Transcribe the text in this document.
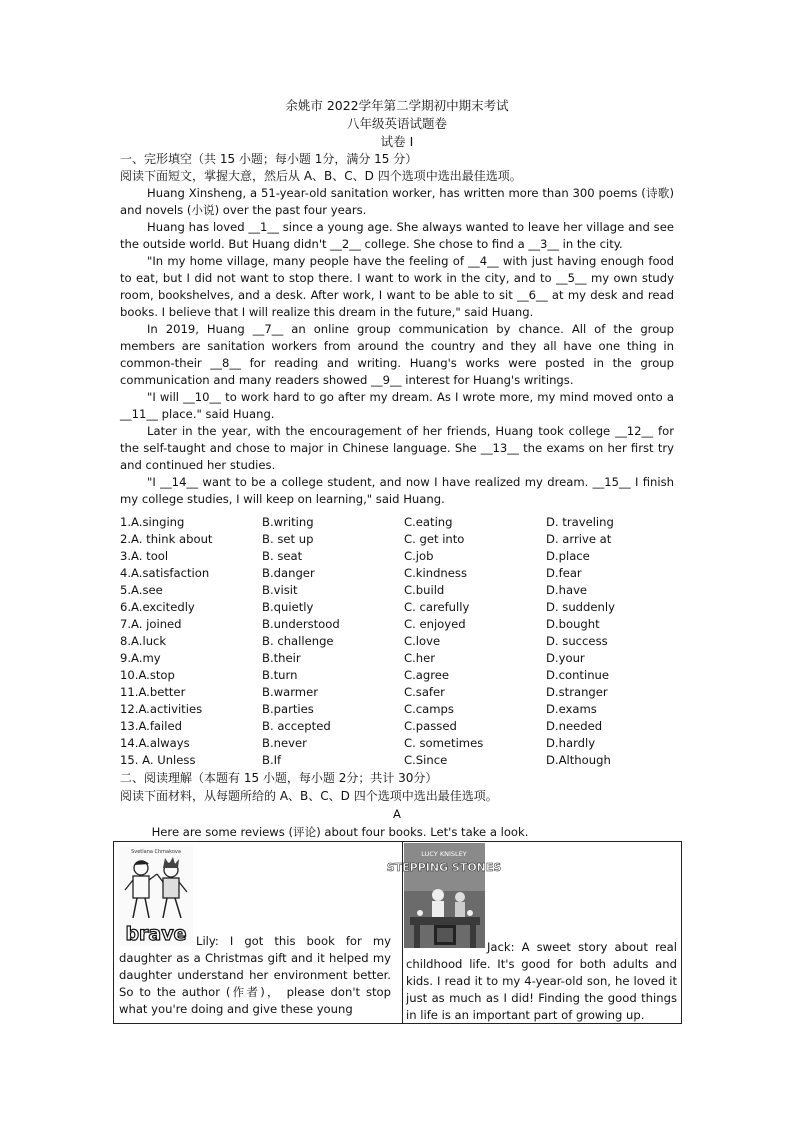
余姚市 2022学年第二学期初中期末考试
八年级英语试题卷
试卷 I

一、完形填空（共 15 小题；每小题 1分，满分 15 分）

阅读下面短文，掌握大意，然后从 A、B、C、D 四个选项中选出最佳选项。

Huang Xinsheng, a 51-year-old sanitation worker, has written more than 300 poems (诗歌) and novels (小说) over the past four years.

Huang has loved __1__ since a young age. She always wanted to leave her village and see the outside world. But Huang didn't __2__ college. She chose to find a __3__ in the city.

"In my home village, many people have the feeling of __4__ with just having enough food to eat, but I did not want to stop there. I want to work in the city, and to __5__ my own study room, bookshelves, and a desk. After work, I want to be able to sit __6__ at my desk and read books. I believe that I will realize this dream in the future," said Huang.

In 2019, Huang __7__ an online group communication by chance. All of the group members are sanitation workers from around the country and they all have one thing in common-their __8__ for reading and writing. Huang's works were posted in the group communication and many readers showed __9__ interest for Huang's writings.

"I will __10__ to work hard to go after my dream. As I wrote more, my mind moved onto a __11__ place." said Huang.

Later in the year, with the encouragement of her friends, Huang took college __12__ for the self-taught and chose to major in Chinese language. She __13__ the exams on her first try and continued her studies.

"I __14__ want to be a college student, and now I have realized my dream. __15__ I finish my college studies, I will keep on learning," said Huang.

1.A.singing	B.writing	C.eating	D. traveling
2.A. think about	B. set up	C. get into	D. arrive at
3.A. tool	B. seat	C.job	D.place
4.A.satisfaction	B.danger	C.kindness	D.fear
5.A.see	B.visit	C.build	D.have
6.A.excitedly	B.quietly	C. carefully	D. suddenly
7.A. joined	B.understood	C. enjoyed	D.bought
8.A.luck	B. challenge	C.love	D. success
9.A.my	B.their	C.her	D.your
10.A.stop	B.turn	C.agree	D.continue
11.A.better	B.warmer	C.safer	D.stranger
12.A.activities	B.parties	C.camps	D.exams
13.A.failed	B. accepted	C.passed	D.needed
14.A.always	B.never	C. sometimes	D.hardly
15. A. Unless	B.If	C.Since	D.Although
二、阅读理解（本题有 15 小题，每小题 2分；共计 30分）
阅读下面材料，从每题所给的 A、B、C、D 四个选项中选出最佳选项。
A
Here are some reviews (评论) about four books. Let's take a look.
Svetlana Chmakova
brave Lily: I got this book for my daughter as a Christmas gift and it helped my daughter understand her environment better. So to the author (作者)， please don't stop what you're doing and give these young

LUCY KNISLEY
STEPPING STONES
Jack: A sweet story about real childhood life. It's good for both adults and kids. I read it to my 4-year-old son, he loved it just as much as I did! Finding the good things in life is an important part of growing up.
